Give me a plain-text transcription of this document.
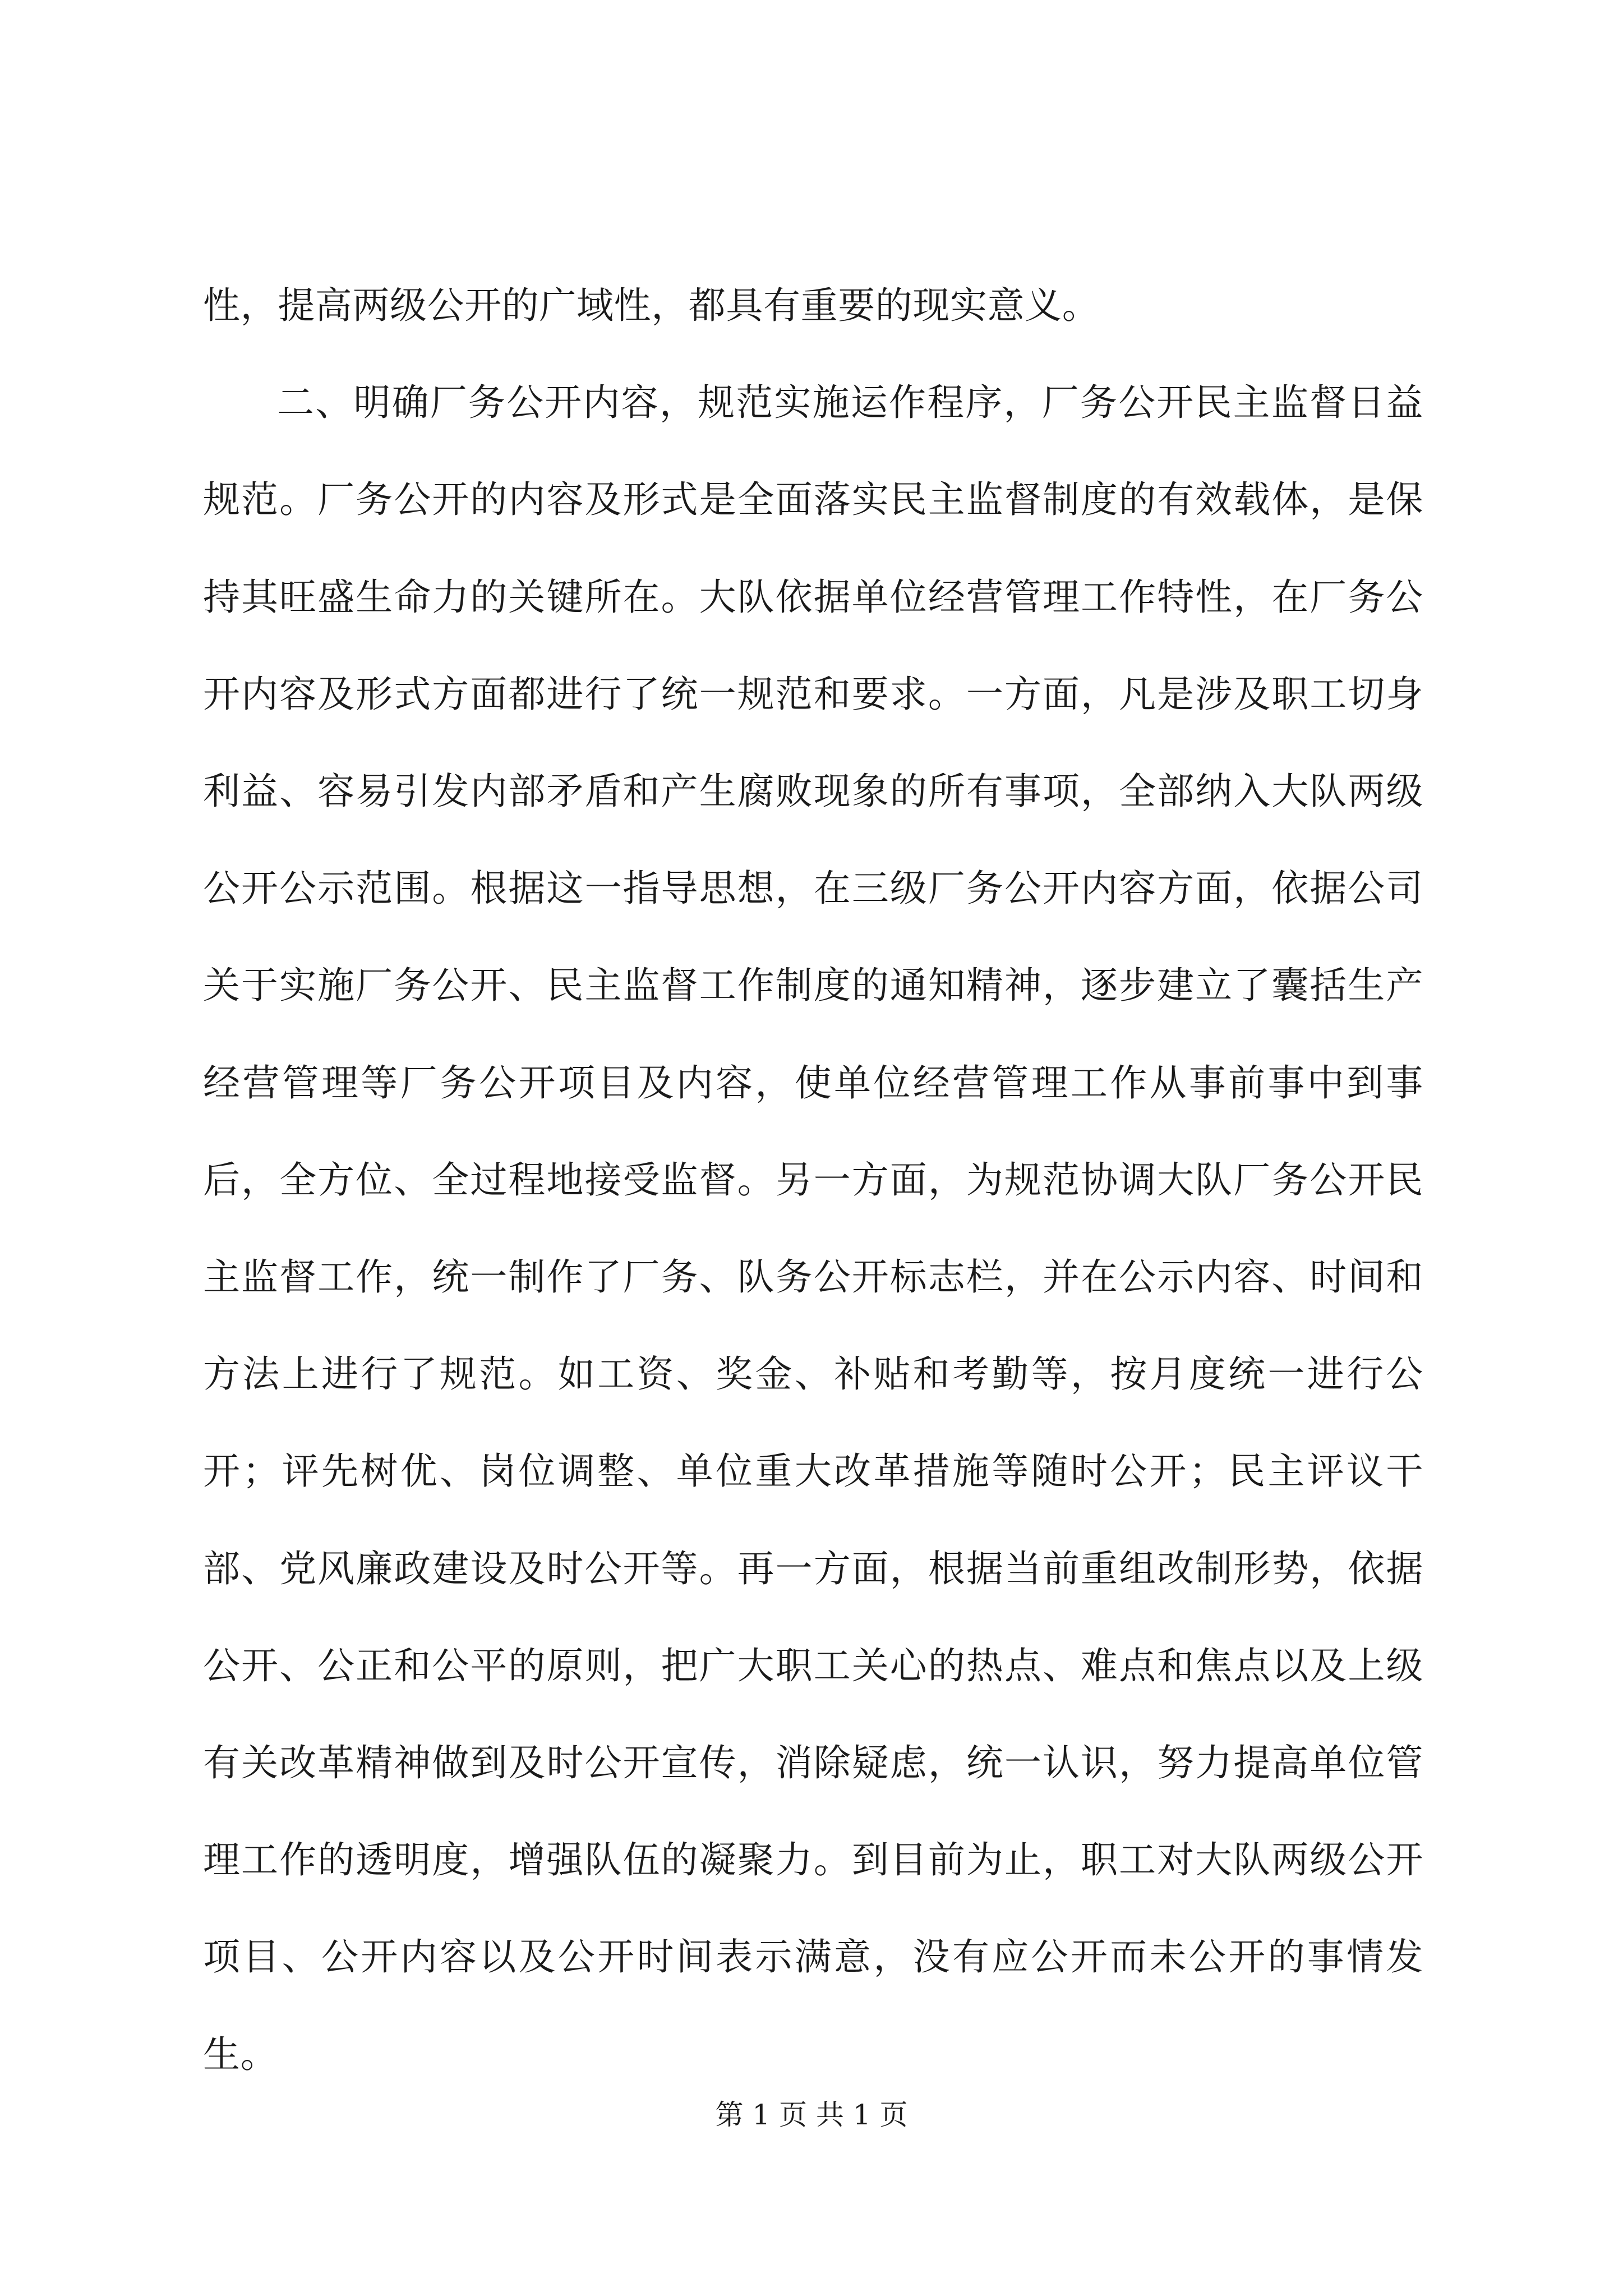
性，提高两级公开的广域性，都具有重要的现实意义。

二、明确厂务公开内容，规范实施运作程序，厂务公开民主监督日益规范。厂务公开的内容及形式是全面落实民主监督制度的有效载体，是保持其旺盛生命力的关键所在。大队依据单位经营管理工作特性，在厂务公开内容及形式方面都进行了统一规范和要求。一方面，凡是涉及职工切身利益、容易引发内部矛盾和产生腐败现象的所有事项，全部纳入大队两级公开公示范围。根据这一指导思想，在三级厂务公开内容方面，依据公司关于实施厂务公开、民主监督工作制度的通知精神，逐步建立了囊括生产经营管理等厂务公开项目及内容，使单位经营管理工作从事前事中到事后，全方位、全过程地接受监督。另一方面，为规范协调大队厂务公开民主监督工作，统一制作了厂务、队务公开标志栏，并在公示内容、时间和方法上进行了规范。如工资、奖金、补贴和考勤等，按月度统一进行公开；评先树优、岗位调整、单位重大改革措施等随时公开；民主评议干部、党风廉政建设及时公开等。再一方面，根据当前重组改制形势，依据公开、公正和公平的原则，把广大职工关心的热点、难点和焦点以及上级有关改革精神做到及时公开宣传，消除疑虑，统一认识，努力提高单位管理工作的透明度，增强队伍的凝聚力。到目前为止，职工对大队两级公开项目、公开内容以及公开时间表示满意，没有应公开而未公开的事情发生。

第 1 页 共 1 页
